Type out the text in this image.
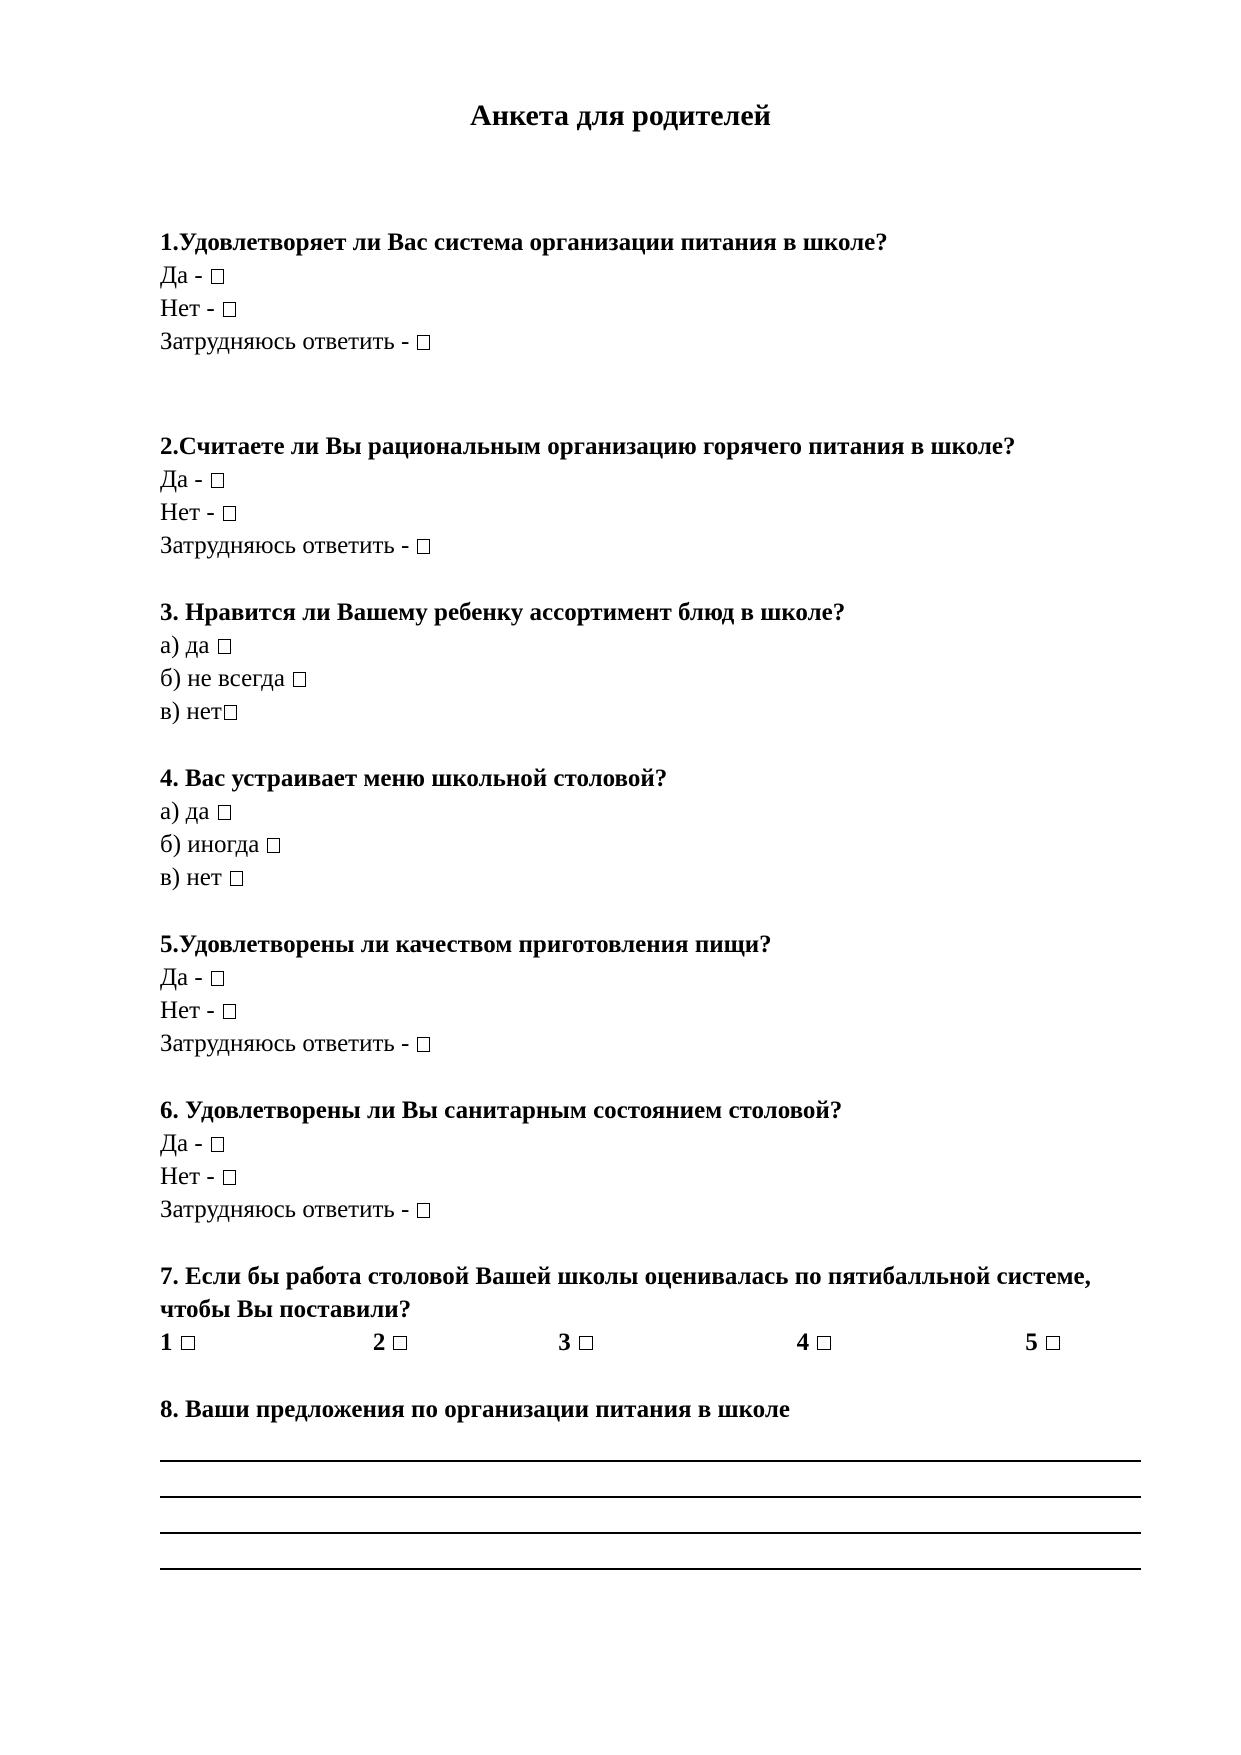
Анкета для родителей
1.Удовлетворяет ли Вас система организации питания в школе?
Да -
Нет -
Затрудняюсь ответить -
2.Считаете ли Вы рациональным организацию горячего питания в школе?
Да -
Нет -
Затрудняюсь ответить -
3. Нравится ли Вашему ребенку ассортимент блюд в школе?
а) да
б) не всегда
в) нет
4. Вас устраивает меню школьной столовой?
а) да
б) иногда
в) нет
5.Удовлетворены ли качеством приготовления пищи?
Да -
Нет -
Затрудняюсь ответить -
6. Удовлетворены ли Вы санитарным состоянием столовой?
Да -
Нет -
Затрудняюсь ответить -
7. Если бы работа столовой Вашей школы оценивалась по пятибалльной системе, чтобы Вы поставили?
1	2	3	4	5
8. Ваши предложения по организации питания в школе
